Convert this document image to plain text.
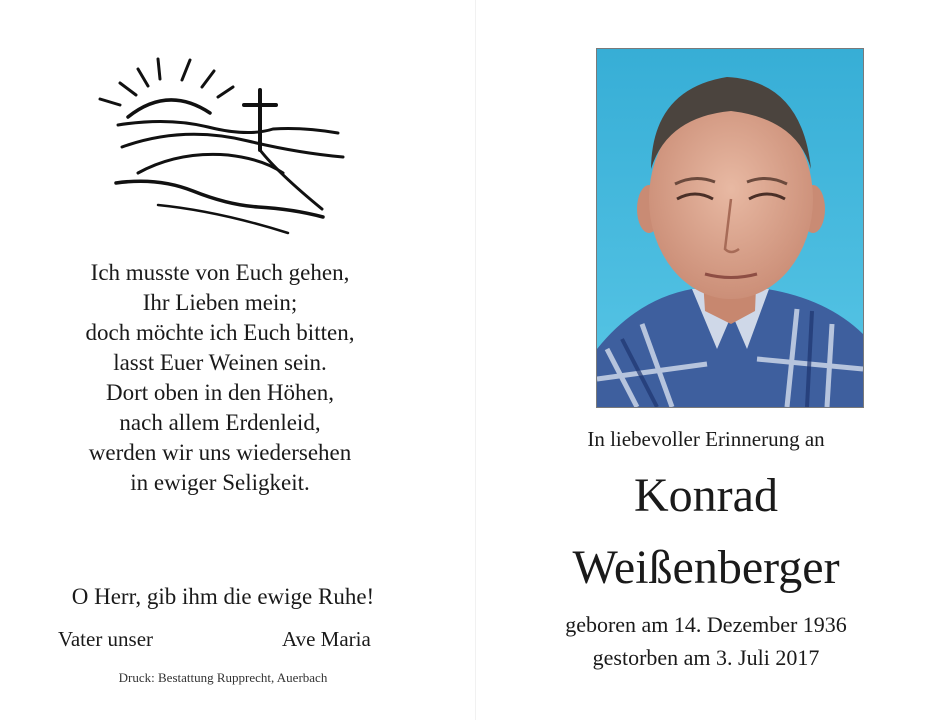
Ich musste von Euch gehen,
Ihr Lieben mein;
doch möchte ich Euch bitten,
lasst Euer Weinen sein.
Dort oben in den Höhen,
nach allem Erdenleid,
werden wir uns wiedersehen
in ewiger Seligkeit.
O Herr, gib ihm die ewige Ruhe!
Vater unser	Ave Maria
Druck: Bestattung Rupprecht, Auerbach
In liebevoller Erinnerung an
Konrad
Weißenberger
geboren am 14. Dezember 1936
gestorben am 3. Juli 2017
